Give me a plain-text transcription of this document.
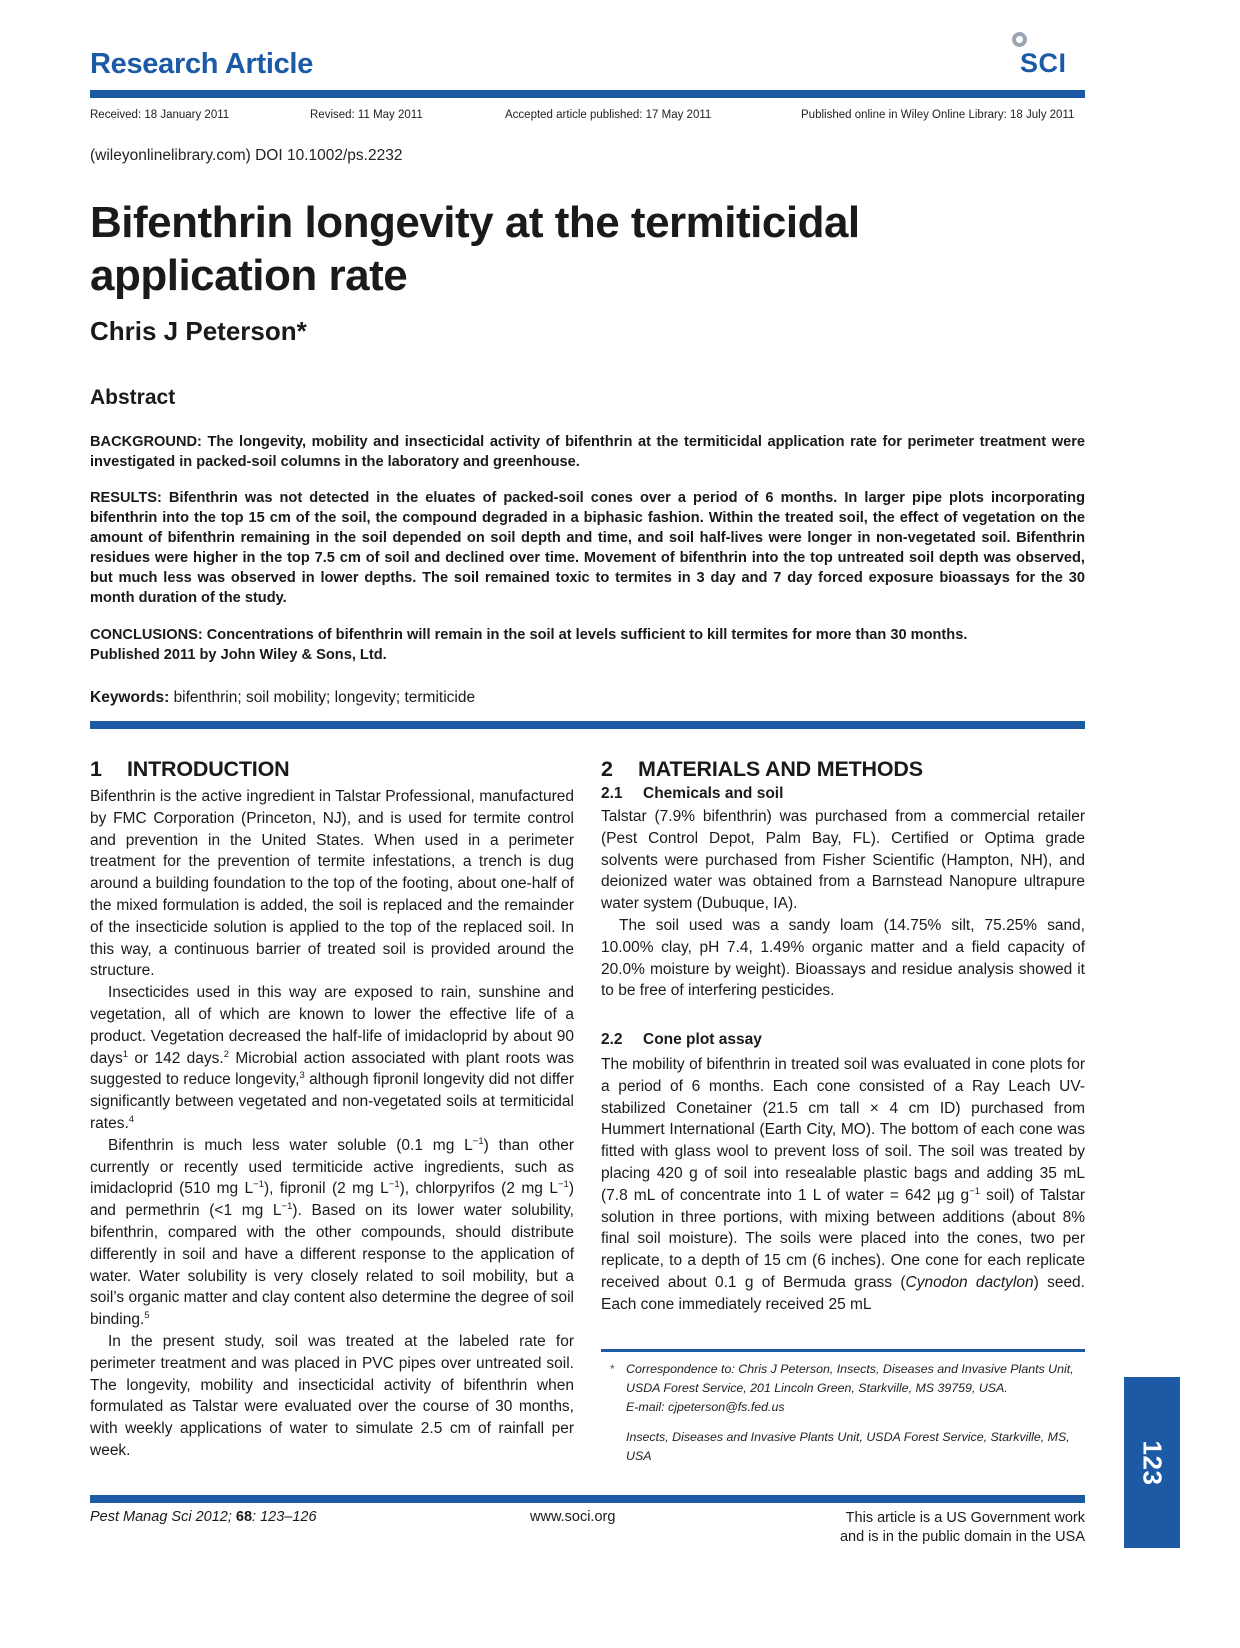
Research Article	SCI
Received: 18 January 2011	Revised: 11 May 2011	Accepted article published: 17 May 2011	Published online in Wiley Online Library: 18 July 2011
(wileyonlinelibrary.com) DOI 10.1002/ps.2232
Bifenthrin longevity at the termiticidal application rate
Chris J Peterson*
Abstract
BACKGROUND: The longevity, mobility and insecticidal activity of bifenthrin at the termiticidal application rate for perimeter treatment were investigated in packed-soil columns in the laboratory and greenhouse.
RESULTS: Bifenthrin was not detected in the eluates of packed-soil cones over a period of 6 months. In larger pipe plots incorporating bifenthrin into the top 15 cm of the soil, the compound degraded in a biphasic fashion. Within the treated soil, the effect of vegetation on the amount of bifenthrin remaining in the soil depended on soil depth and time, and soil half-lives were longer in non-vegetated soil. Bifenthrin residues were higher in the top 7.5 cm of soil and declined over time. Movement of bifenthrin into the top untreated soil depth was observed, but much less was observed in lower depths. The soil remained toxic to termites in 3 day and 7 day forced exposure bioassays for the 30 month duration of the study.
CONCLUSIONS: Concentrations of bifenthrin will remain in the soil at levels sufficient to kill termites for more than 30 months.
Published 2011 by John Wiley & Sons, Ltd.
Keywords: bifenthrin; soil mobility; longevity; termiticide
1 INTRODUCTION

Bifenthrin is the active ingredient in Talstar Professional, manufactured by FMC Corporation (Princeton, NJ), and is used for termite control and prevention in the United States. When used in a perimeter treatment for the prevention of termite infestations, a trench is dug around a building foundation to the top of the footing, about one-half of the mixed formulation is added, the soil is replaced and the remainder of the insecticide solution is applied to the top of the replaced soil. In this way, a continuous barrier of treated soil is provided around the structure.

Insecticides used in this way are exposed to rain, sunshine and vegetation, all of which are known to lower the effective life of a product. Vegetation decreased the half-life of imidacloprid by about 90 days$^1$ or 142 days.$^2$ Microbial action associated with plant roots was suggested to reduce longevity,$^3$ although fipronil longevity did not differ significantly between vegetated and non-vegetated soils at termiticidal rates.$^4$

Bifenthrin is much less water soluble (0.1 mg $L^{-1}$) than other currently or recently used termiticide active ingredients, such as imidacloprid (510 mg $L^{-1}$), fipronil (2 mg $L^{-1}$), chlorpyrifos (2 mg $L^{-1}$) and permethrin (<1 mg $L^{-1}$). Based on its lower water solubility, bifenthrin, compared with the other compounds, should distribute differently in soil and have a different response to the application of water. Water solubility is very closely related to soil mobility, but a soil’s organic matter and clay content also determine the degree of soil binding.$^5$

In the present study, soil was treated at the labeled rate for perimeter treatment and was placed in PVC pipes over untreated soil. The longevity, mobility and insecticidal activity of bifenthrin when formulated as Talstar were evaluated over the course of 30 months, with weekly applications of water to simulate 2.5 cm of rainfall per week.

2 MATERIALS AND METHODS
2.1 Chemicals and soil

Talstar (7.9% bifenthrin) was purchased from a commercial retailer (Pest Control Depot, Palm Bay, FL). Certified or Optima grade solvents were purchased from Fisher Scientific (Hampton, NH), and deionized water was obtained from a Barnstead Nanopure ultrapure water system (Dubuque, IA).

The soil used was a sandy loam (14.75% silt, 75.25% sand, 10.00% clay, pH 7.4, 1.49% organic matter and a field capacity of 20.0% moisture by weight). Bioassays and residue analysis showed it to be free of interfering pesticides.

2.2 Cone plot assay

The mobility of bifenthrin in treated soil was evaluated in cone plots for a period of 6 months. Each cone consisted of a Ray Leach UV-stabilized Conetainer (21.5 cm tall × 4 cm ID) purchased from Hummert International (Earth City, MO). The bottom of each cone was fitted with glass wool to prevent loss of soil. The soil was treated by placing 420 g of soil into resealable plastic bags and adding 35 mL (7.8 mL of concentrate into 1 L of water = 642 µg $g^{-1}$ soil) of Talstar solution in three portions, with mixing between additions (about 8% final soil moisture). The soils were placed into the cones, two per replicate, to a depth of 15 cm (6 inches). One cone for each replicate received about 0.1 g of Bermuda grass (Cynodon dactylon) seed. Each cone immediately received 25 mL

* Correspondence to: Chris J Peterson, Insects, Diseases and Invasive Plants Unit, USDA Forest Service, 201 Lincoln Green, Starkville, MS 39759, USA.
E-mail: cjpeterson@fs.fed.us
Insects, Diseases and Invasive Plants Unit, USDA Forest Service, Starkville, MS, USA	123
Pest Manag Sci 2012; 68: 123–126	www.soci.org	This article is a US Government work
and is in the public domain in the USA
